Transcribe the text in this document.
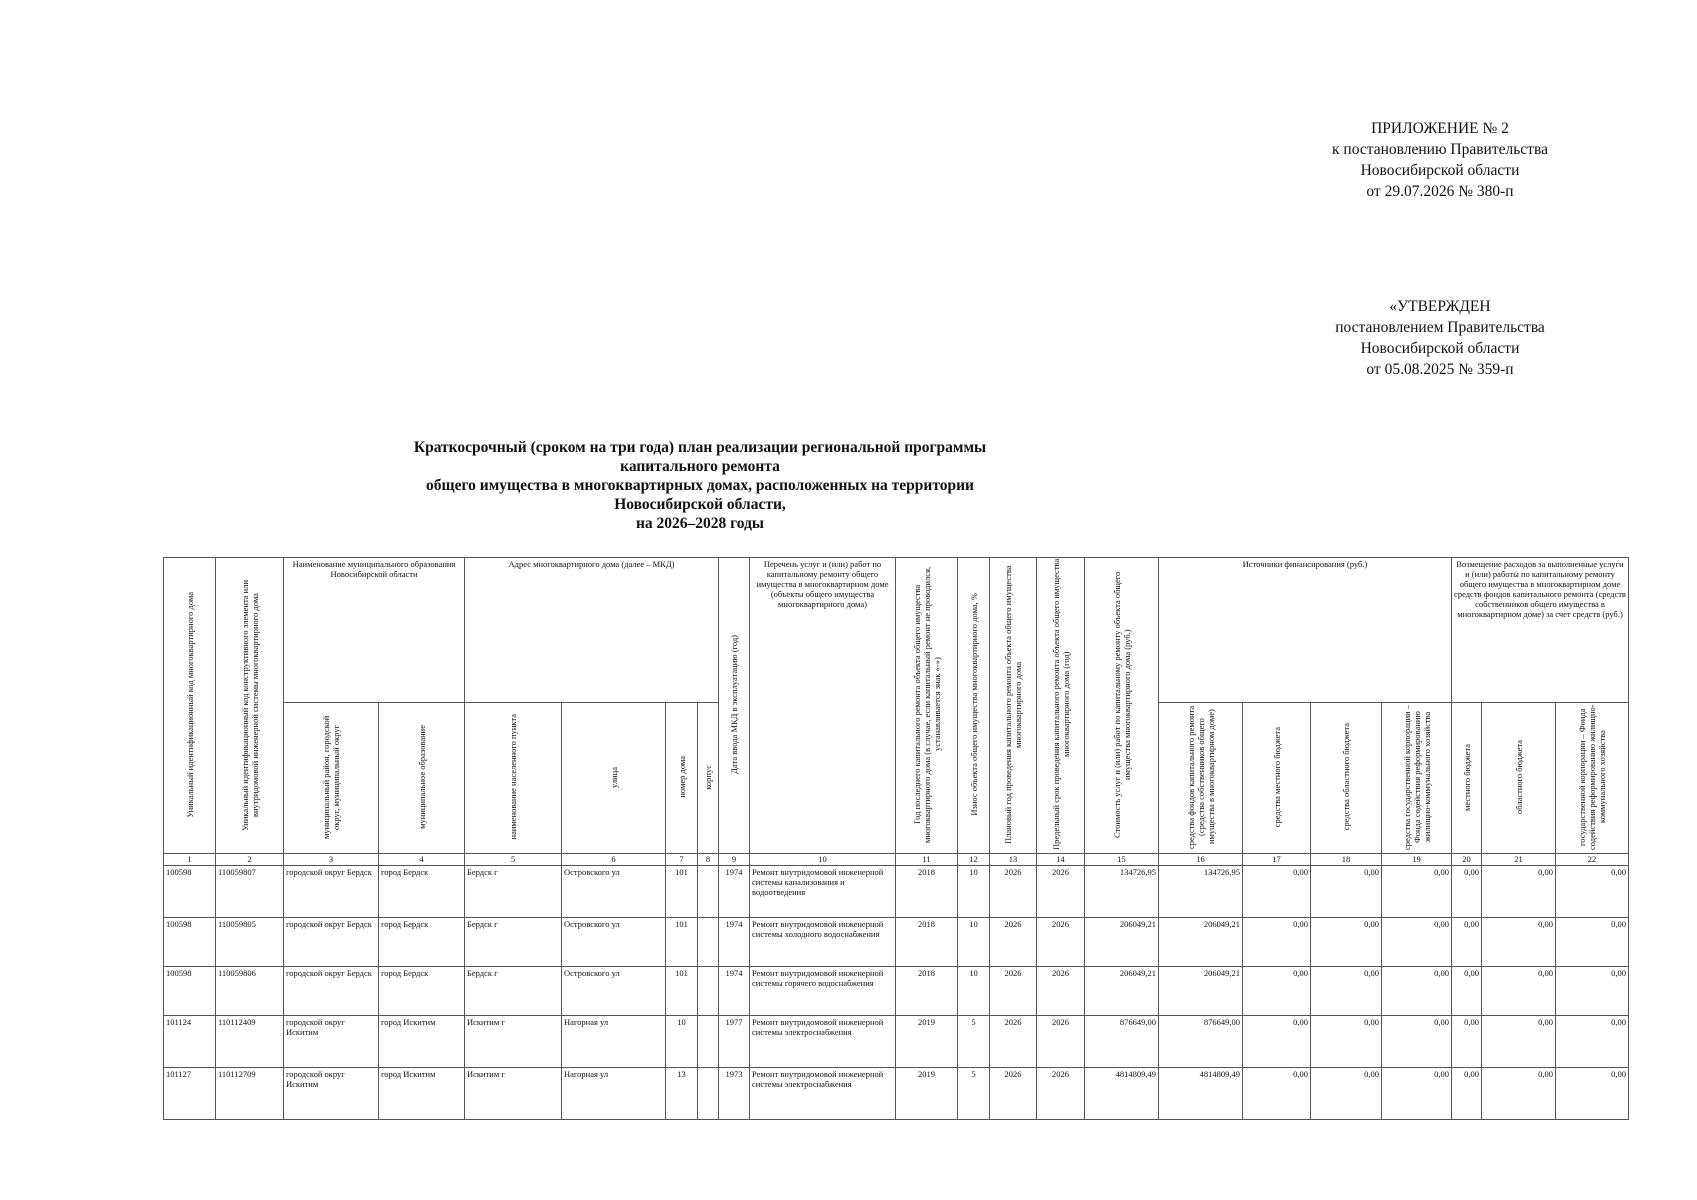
ПРИЛОЖЕНИЕ № 2
к постановлению Правительства
Новосибирской области
от 29.07.2026 № 380-п
«УТВЕРЖДЕН
постановлением Правительства
Новосибирской области
от 05.08.2025 № 359-п
Краткосрочный (сроком на три года) план реализации региональной программы капитального ремонта
общего имущества в многоквартирных домах, расположенных на территории Новосибирской области,
на 2026–2028 годы
Уникальный идентификационный код многоквартирного дома	Уникальный идентификационный код конструктивного элемента или внутридомовой инженерной системы многоквартирного дома	Наименование муниципального образования Новосибирской области		Адрес многоквартирного дома (далее – МКД)				Дата ввода МКД в эксплуатацию (год)	Перечень услуг и (или) работ по капитальному ремонту общего имущества в многоквартирном доме (объекты общего имущества многоквартирного дома)	Год последнего капитального ремонта объекта общего имущества многоквартирного дома (в случае, если капитальный ремонт не проводился, устанавливается знак «-»)	Износ объекта общего имущества многоквартирного дома, %	Плановый год проведения капитального ремонта объекта общего имущества многоквартирного дома	Предельный срок проведения капитального ремонта объекта общего имущества многоквартирного дома (год)	Стоимость услуг и (или) работ по капитальному ремонту объекта общего имущества многоквартирного дома (руб.)	Источники финансирования (руб.)				Возмещение расходов за выполненные услуги и (или) работы по капитальному ремонту общего имущества в многоквартирном доме средств фондов капитального ремонта (средств собственников общего имущества в многоквартирном доме) за счет средств (руб.)		
		муниципальный район, городской округ, муниципальный округ	муниципальное образование	наименование населенного пункта	улица	номер дома	корпус								средства фондов капитального ремонта (средства собственников общего имущества в многоквартирном доме)	средства местного бюджета	средства областного бюджета	средства государственной корпорации – Фонда содействия реформированию жилищно-коммунального хозяйства	местного бюджета	областного бюджета	государственной корпорации – Фонда содействия реформированию жилищно-коммунального хозяйства
1	2	3	4	5	6	7	8	9	10	11	12	13	14	15	16	17	18	19	20	21	22
100598	110059807	городской округ Бердск	город Бердск	Бердск г	Островского ул	101		1974	Ремонт внутридомовой инженерной системы канализования и водоотведения	2018	10	2026	2026	134726,95	134726,95	0,00	0,00	0,00	0,00	0,00	0,00
100598	110059805	городской округ Бердск	город Бердск	Бердск г	Островского ул	101		1974	Ремонт внутридомовой инженерной системы холодного водоснабжения	2018	10	2026	2026	206049,21	206049,21	0,00	0,00	0,00	0,00	0,00	0,00
100598	110059806	городской округ Бердск	город Бердск	Бердск г	Островского ул	101		1974	Ремонт внутридомовой инженерной системы горячего водоснабжения	2018	10	2026	2026	206049,21	206049,21	0,00	0,00	0,00	0,00	0,00	0,00
101124	110112409	городской округ Искитим	город Искитим	Искитим г	Нагорная ул	10		1977	Ремонт внутридомовой инженерной системы электроснабжения	2019	5	2026	2026	876649,00	876649,00	0,00	0,00	0,00	0,00	0,00	0,00
101127	110112709	городской округ Искитим	город Искитим	Искитим г	Нагорная ул	13		1973	Ремонт внутридомовой инженерной системы электроснабжения	2019	5	2026	2026	4814809,49	4814809,49	0,00	0,00	0,00	0,00	0,00	0,00
